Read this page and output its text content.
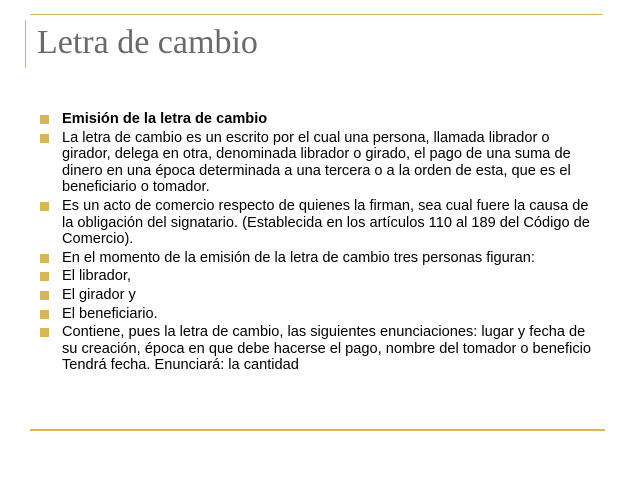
Letra de cambio
Emisión de la letra de cambio
La letra de cambio es un escrito por el cual una persona, llamada librador o girador, delega en otra, denominada librador o girado, el pago de una suma de dinero en una época determinada a una tercera o a la orden de esta, que es el beneficiario o tomador.
Es un acto de comercio respecto de quienes la firman, sea cual fuere la causa de la obligación del signatario. (Establecida en los artículos 110 al 189 del Código de Comercio).
En el momento de la emisión de la letra de cambio tres personas figuran:
El librador,
El girador y
El beneficiario.
Contiene, pues la letra de cambio, las siguientes enunciaciones: lugar y fecha de su creación, época en que debe hacerse el pago, nombre del tomador o beneficio Tendrá fecha. Enunciará: la cantidad
